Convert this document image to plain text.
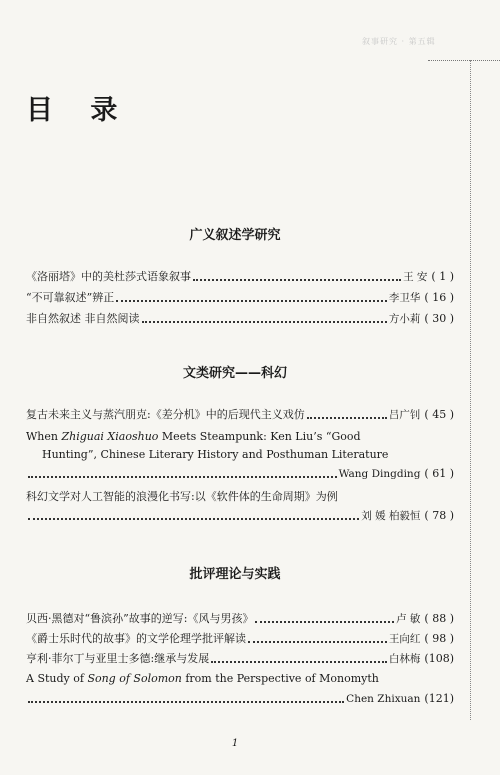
叙事研究 · 第五辑
目 录
广义叙述学研究
《洛丽塔》中的美杜莎式语象叙事	王 安 ( 1 )
“不可靠叙述”辨正	李卫华 ( 16 )
非自然叙述 非自然阅读	方小莉 ( 30 )
文类研究——科幻
复古未来主义与蒸汽朋克:《差分机》中的后现代主义戏仿	吕广钊 ( 45 )
When Zhiguai Xiaoshuo Meets Steampunk: Ken Liu’s “Good
Hunting”, Chinese Literary History and Posthuman Literature
Wang Dingding ( 61 )
科幻文学对人工智能的浪漫化书写:以《软件体的生命周期》为例
刘 媛 柏毅恒 ( 78 )
批评理论与实践
贝西·黑德对“鲁滨孙”故事的逆写:《风与男孩》	卢 敏 ( 88 )
《爵士乐时代的故事》的文学伦理学批评解读	王向红 ( 98 )
亨利·菲尔丁与亚里士多德:继承与发展	白林梅 (108)
A Study of Song of Solomon from the Perspective of Monomyth
Chen Zhixuan (121)
1
